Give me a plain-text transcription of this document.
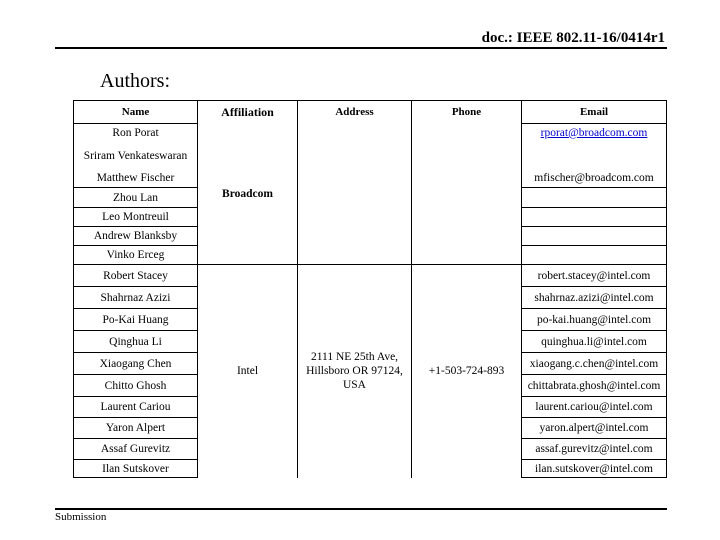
doc.: IEEE 802.11-16/0414r1
Authors:
Name	Affiliation	Address	Phone	Email
Ron Porat	Broadcom			rporat@broadcom.com
Sriram Venkateswaran				
Matthew Fischer				mfischer@broadcom.com
Zhou Lan				
Leo Montreuil				
Andrew Blanksby				
Vinko Erceg				
Robert Stacey	Intel	2111 NE 25th Ave, Hillsboro OR 97124, USA	+1-503-724-893	robert.stacey@intel.com
Shahrnaz Azizi				shahrnaz.azizi@intel.com
Po-Kai Huang				po-kai.huang@intel.com
Qinghua Li				quinghua.li@intel.com
Xiaogang Chen				xiaogang.c.chen@intel.com
Chitto Ghosh				chittabrata.ghosh@intel.com
Laurent Cariou				laurent.cariou@intel.com
Yaron Alpert				yaron.alpert@intel.com
Assaf Gurevitz				assaf.gurevitz@intel.com
Ilan Sutskover				ilan.sutskover@intel.com
Submission
